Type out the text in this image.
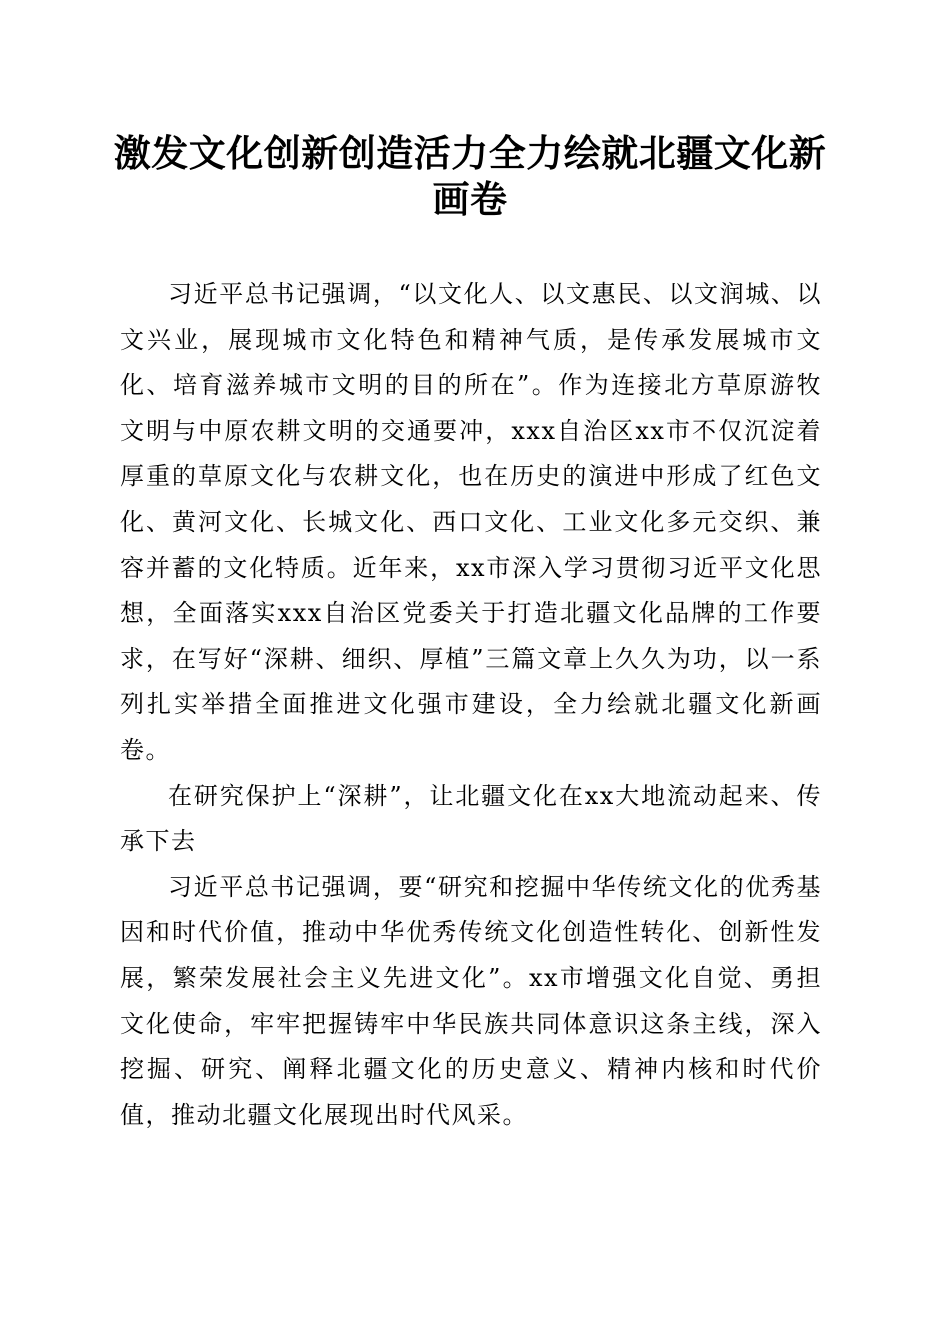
激发文化创新创造活力全力绘就北疆文化新画卷

习近平总书记强调，“以文化人、以文惠民、以文润城、以文兴业，展现城市文化特色和精神气质，是传承发展城市文化、培育滋养城市文明的目的所在”。作为连接北方草原游牧文明与中原农耕文明的交通要冲，xxx自治区xx市不仅沉淀着厚重的草原文化与农耕文化，也在历史的演进中形成了红色文化、黄河文化、长城文化、西口文化、工业文化多元交织、兼容并蓄的文化特质。近年来，xx市深入学习贯彻习近平文化思想，全面落实xxx自治区党委关于打造北疆文化品牌的工作要求，在写好“深耕、细织、厚植”三篇文章上久久为功，以一系列扎实举措全面推进文化强市建设，全力绘就北疆文化新画卷。

在研究保护上“深耕”，让北疆文化在xx大地流动起来、传承下去

习近平总书记强调，要“研究和挖掘中华传统文化的优秀基因和时代价值，推动中华优秀传统文化创造性转化、创新性发展，繁荣发展社会主义先进文化”。xx市增强文化自觉、勇担文化使命，牢牢把握铸牢中华民族共同体意识这条主线，深入挖掘、研究、阐释北疆文化的历史意义、精神内核和时代价值，推动北疆文化展现出时代风采。
